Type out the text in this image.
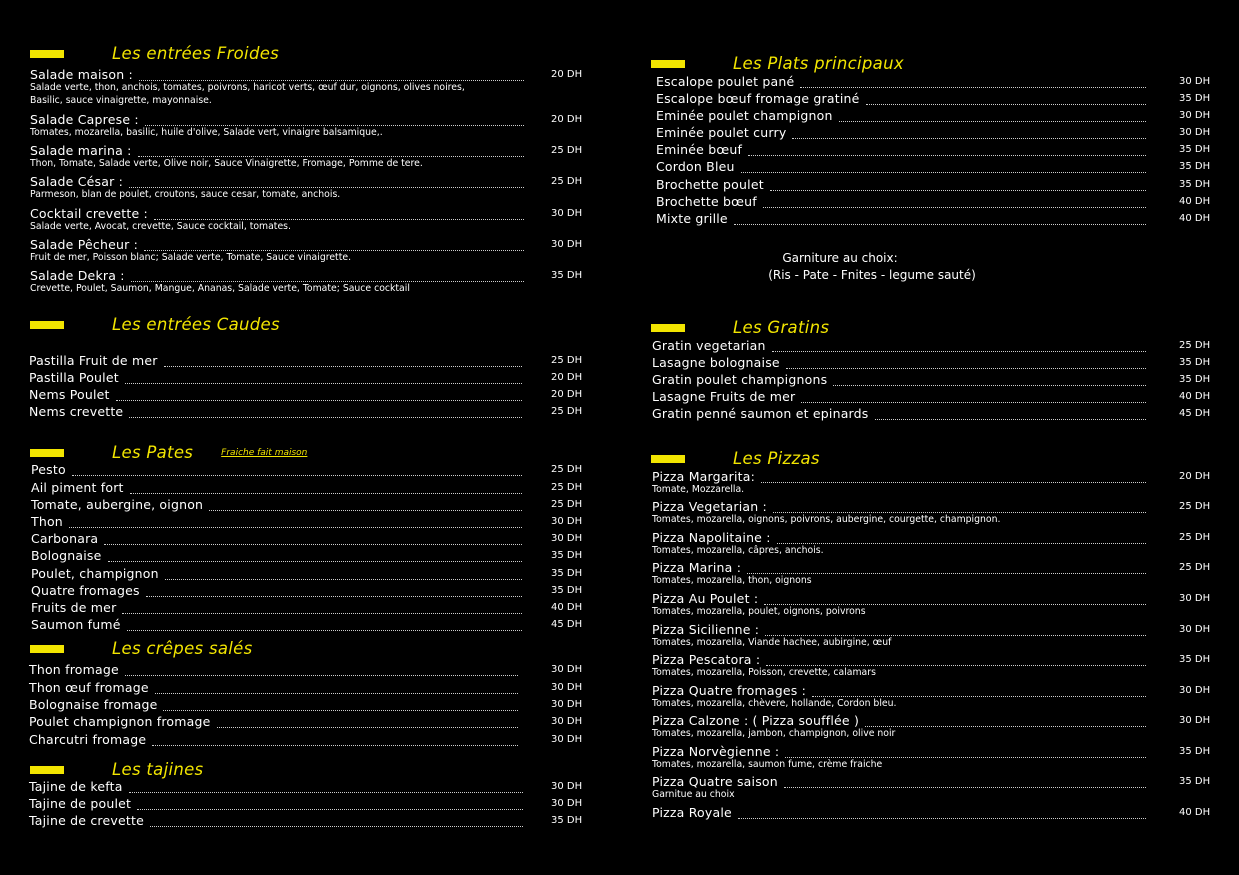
Les entrées Froides
Salade maison :	20 DH
Salade verte, thon, anchois, tomates, poivrons, haricot verts, œuf dur, oignons, olives noires,
Basilic, sauce vinaigrette, mayonnaise.
Salade Caprese :	20 DH
Tomates, mozarella, basilic, huile d'olive, Salade vert, vinaigre balsamique,.
Salade marina :	25 DH
Thon, Tomate, Salade verte, Olive noir, Sauce Vinaigrette, Fromage, Pomme de tere.
Salade César :	25 DH
Parmeson, blan de poulet, croutons, sauce cesar, tomate, anchois.
Cocktail crevette :	30 DH
Salade verte, Avocat, crevette, Sauce cocktail, tomates.
Salade Pêcheur :	30 DH
Fruit de mer, Poisson blanc; Salade verte, Tomate, Sauce vinaigrette.
Salade Dekra :	35 DH
Crevette, Poulet, Saumon, Mangue, Ananas, Salade verte, Tomate; Sauce cocktail
Les entrées Caudes
Pastilla Fruit de mer	25 DH
Pastilla Poulet	20 DH
Nems Poulet	20 DH
Nems crevette	25 DH
Les Pates	Fraiche fait maison
Pesto	25 DH
Ail piment fort	25 DH
Tomate, aubergine, oignon	25 DH
Thon	30 DH
Carbonara	30 DH
Bolognaise	35 DH
Poulet, champignon	35 DH
Quatre fromages	35 DH
Fruits de mer	40 DH
Saumon fumé	45 DH
Les crêpes salés
Thon fromage	30 DH
Thon œuf fromage	30 DH
Bolognaise fromage	30 DH
Poulet champignon fromage	30 DH
Charcutri fromage	30 DH
Les tajines
Tajine de kefta	30 DH
Tajine de poulet	30 DH
Tajine de crevette	35 DH
Les Plats principaux
Escalope poulet pané	30 DH
Escalope bœuf fromage gratiné	35 DH
Eminée poulet champignon	30 DH
Eminée poulet curry	30 DH
Eminée bœuf	35 DH
Cordon Bleu	35 DH
Brochette poulet	35 DH
Brochette bœuf	40 DH
Mixte grille	40 DH
Garniture au choix:
(Ris - Pate - Fnites - legume sauté)
Les Gratins
Gratin vegetarian	25 DH
Lasagne bolognaise	35 DH
Gratin poulet champignons	35 DH
Lasagne Fruits de mer	40 DH
Gratin penné saumon et epinards	45 DH
Les Pizzas
Pizza Margarita:	20 DH
Tomate, Mozzarella.
Pizza Vegetarian :	25 DH
Tomates, mozarella, oignons, poivrons, aubergine, courgette, champignon.
Pizza Napolitaine :	25 DH
Tomates, mozarella, câpres, anchois.
Pizza Marina :	25 DH
Tomates, mozarella, thon, oignons
Pizza Au Poulet :	30 DH
Tomates, mozarella, poulet, oignons, poivrons
Pizza Sicilienne :	30 DH
Tomates, mozarella, Viande hachee, aubirgine, œuf
Pizza Pescatora :	35 DH
Tomates, mozarella, Poisson, crevette, calamars
Pizza Quatre fromages :	30 DH
Tomates, mozarella, chèvere, hollande, Cordon bleu.
Pizza Calzone : ( Pizza soufflée )	30 DH
Tomates, mozarella, jambon, champignon, olive noir
Pizza Norvègienne :	35 DH
Tomates, mozarella, saumon fume, crème fraiche
Pizza Quatre saison	35 DH
Garnitue au choix
Pizza Royale	40 DH
